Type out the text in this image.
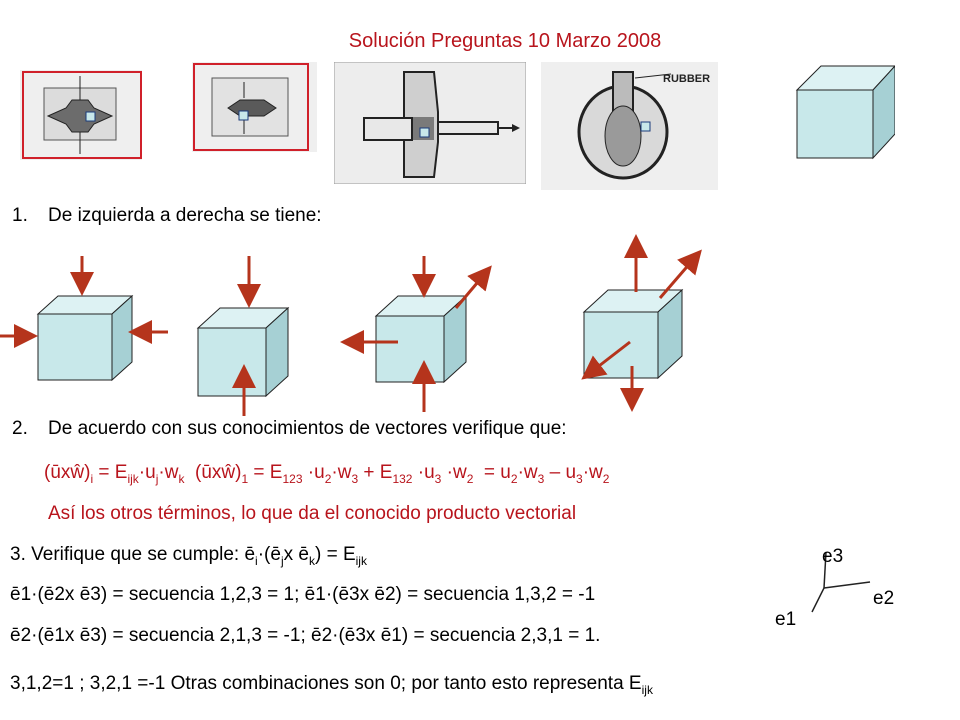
Solución Preguntas 10 Marzo 2008
RUBBER
1. De izquierda a derecha se tiene:
2. De acuerdo con sus conocimientos de vectores verifique que:
$(ūxŵ)_i = E_{ijk}\cdot u_j\cdot w_k$ $(ūxŵ)_1 = E_{123} \cdot u_2\cdot w_3 + E_{132} \cdot u_3 \cdot w_2 = u_2\cdot w_3 - u_3\cdot w_2$
Así los otros términos, lo que da el conocido producto vectorial
3. Verifique que se cumple: $ē_i\cdot(ē_jx$ $ē_k) = E_{ijk}$
ē1·(ē2x ē3) = secuencia 1,2,3 = 1; ē1·(ē3x ē2) = secuencia 1,3,2 = -1
ē2·(ē1x ē3) = secuencia 2,1,3 = -1; ē2·(ē3x ē1) = secuencia 2,3,1 = 1.
3,1,2=1 ; 3,2,1 =-1 Otras combinaciones son 0; por tanto esto representa $E_{ijk}$
e3
e2
e1
